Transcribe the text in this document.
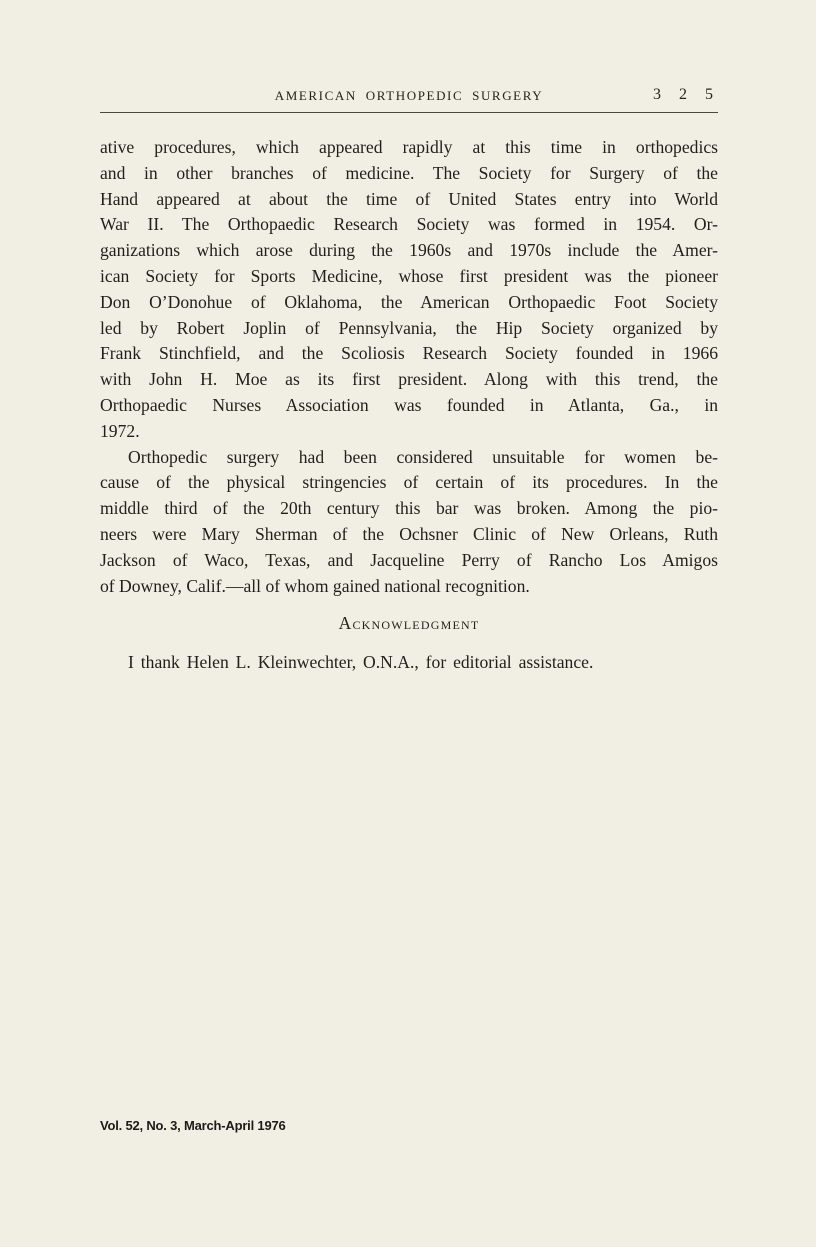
AMERICAN ORTHOPEDIC SURGERY	3 2 5
ative procedures, which appeared rapidly at this time in orthopedics
and in other branches of medicine. The Society for Surgery of the
Hand appeared at about the time of United States entry into World
War II. The Orthopaedic Research Society was formed in 1954. Or-
ganizations which arose during the 1960s and 1970s include the Amer-
ican Society for Sports Medicine, whose first president was the pioneer
Don O’Donohue of Oklahoma, the American Orthopaedic Foot Society
led by Robert Joplin of Pennsylvania, the Hip Society organized by
Frank Stinchfield, and the Scoliosis Research Society founded in 1966
with John H. Moe as its first president. Along with this trend, the
Orthopaedic Nurses Association was founded in Atlanta, Ga., in
1972.
Orthopedic surgery had been considered unsuitable for women be-
cause of the physical stringencies of certain of its procedures. In the
middle third of the 20th century this bar was broken. Among the pio-
neers were Mary Sherman of the Ochsner Clinic of New Orleans, Ruth
Jackson of Waco, Texas, and Jacqueline Perry of Rancho Los Amigos
of Downey, Calif.—all of whom gained national recognition.
Acknowledgment

I thank Helen L. Kleinwechter, O.N.A., for editorial assistance.

Vol. 52, No. 3, March-April 1976
